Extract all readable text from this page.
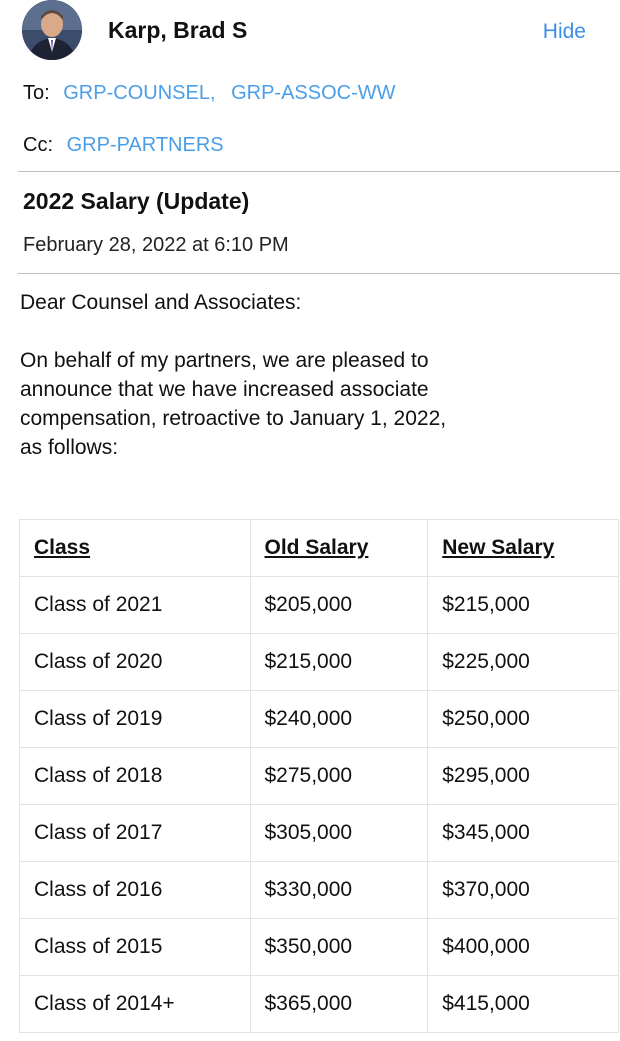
Karp, Brad S	Hide
To: GRP-COUNSEL, GRP-ASSOC-WW
Cc: GRP-PARTNERS
2022 Salary (Update)
February 28, 2022 at 6:10 PM
Dear Counsel and Associates:
On behalf of my partners, we are pleased to
announce that we have increased associate
compensation, retroactive to January 1, 2022,
as follows:
Class	Old Salary	New Salary
Class of 2021	$205,000	$215,000
Class of 2020	$215,000	$225,000
Class of 2019	$240,000	$250,000
Class of 2018	$275,000	$295,000
Class of 2017	$305,000	$345,000
Class of 2016	$330,000	$370,000
Class of 2015	$350,000	$400,000
Class of 2014+	$365,000	$415,000
